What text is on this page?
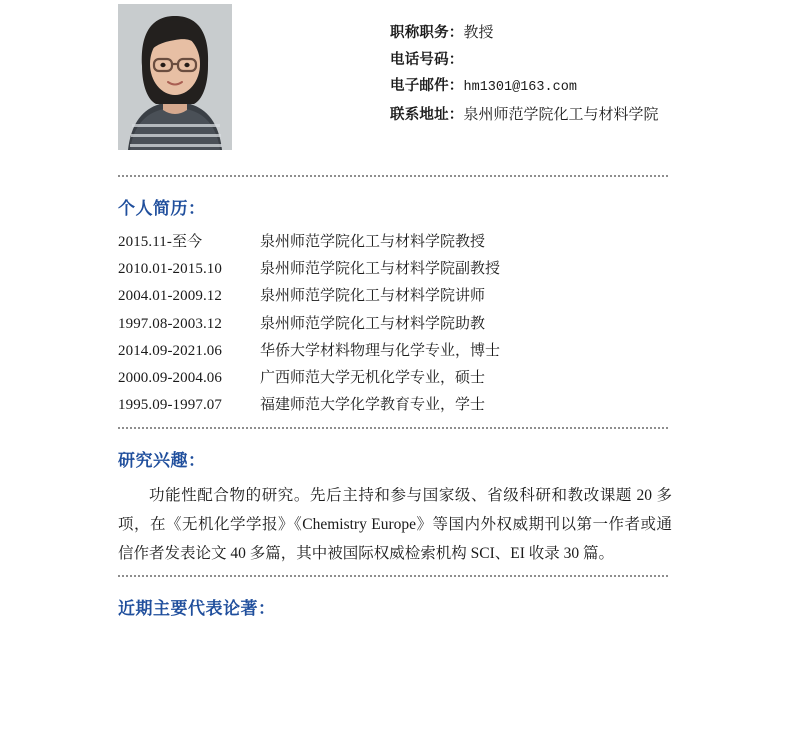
职称职务：教授
电话号码：
电子邮件：hm1301@163.com
联系地址：泉州师范学院化工与材料学院
个人简历：
2015.11-至今	泉州师范学院化工与材料学院教授
2010.01-2015.10	泉州师范学院化工与材料学院副教授
2004.01-2009.12	泉州师范学院化工与材料学院讲师
1997.08-2003.12	泉州师范学院化工与材料学院助教
2014.09-2021.06	华侨大学材料物理与化学专业，博士
2000.09-2004.06	广西师范大学无机化学专业，硕士
1995.09-1997.07	福建师范大学化学教育专业，学士
研究兴趣：
功能性配合物的研究。先后主持和参与国家级、省级科研和教改课题 20 多项，在《无机化学学报》《Chemistry Europe》等国内外权威期刊以第一作者或通信作者发表论文 40 多篇，其中被国际权威检索机构 SCI、EI 收录 30 篇。
近期主要代表论著：
